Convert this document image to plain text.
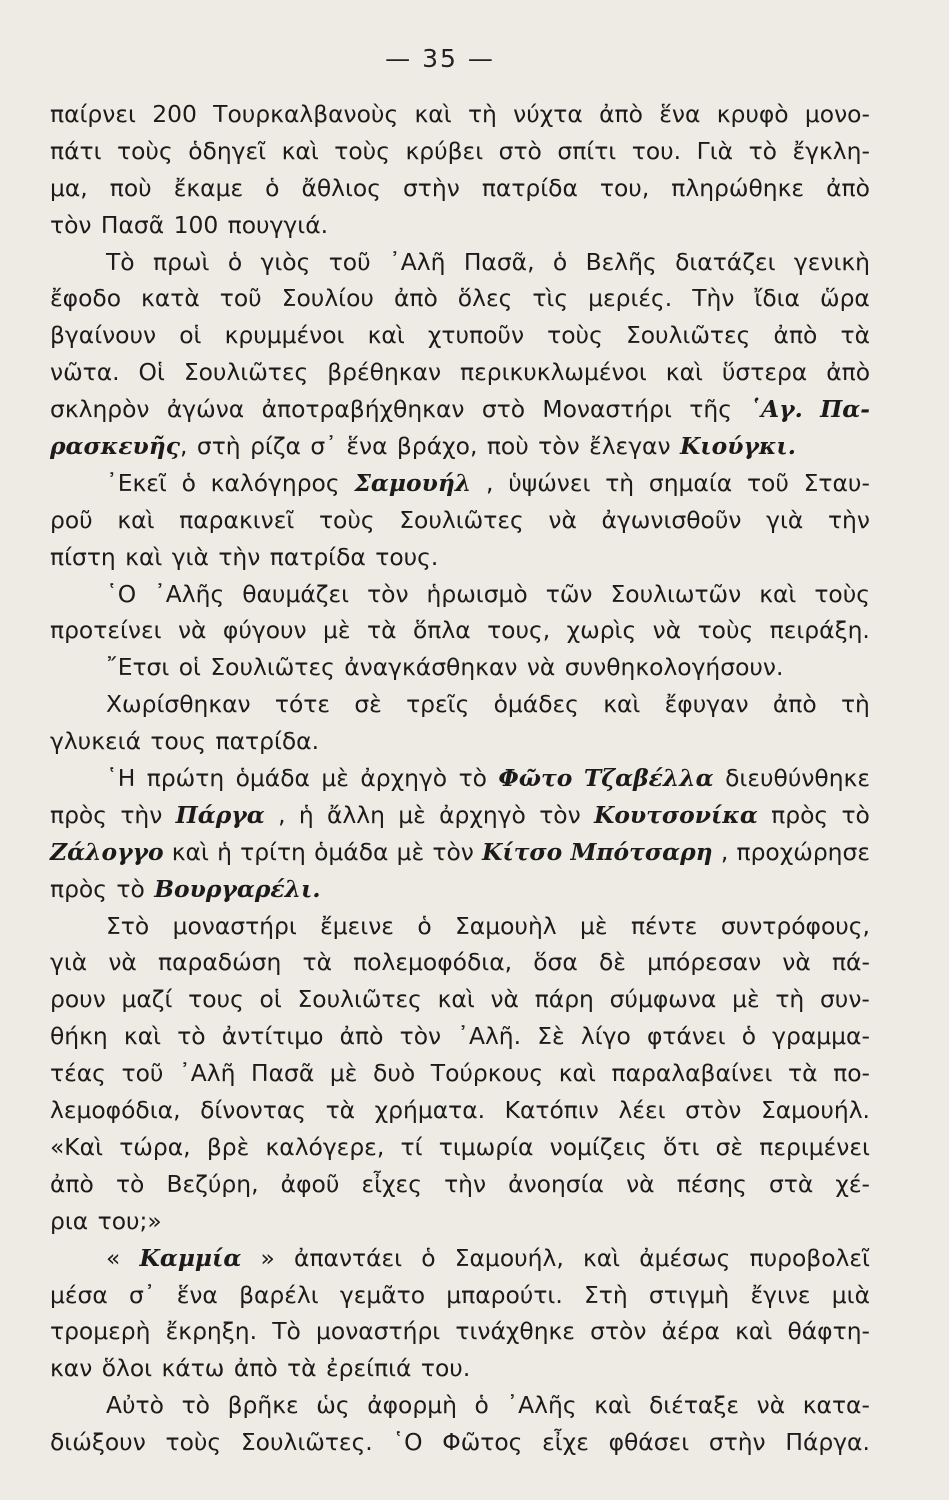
— 35 —
παίρνει 200 Τουρκαλβανοὺς καὶ τὴ νύχτα ἀπὸ ἕνα κρυφὸ μονο-
πάτι τοὺς ὁδηγεῖ καὶ τοὺς κρύβει στὸ σπίτι του. Γιὰ τὸ ἔγκλη-
μα, ποὺ ἔκαμε ὁ ἄθλιος στὴν πατρίδα του, πληρώθηκε ἀπὸ
τὸν Πασᾶ 100 πουγγιά.
Τὸ πρωὶ ὁ γιὸς τοῦ ᾿Αλῆ Πασᾶ, ὁ Βελῆς διατάζει γενικὴ
ἔφοδο κατὰ τοῦ Σουλίου ἀπὸ ὅλες τὶς μεριές. Τὴν ἴδια ὥρα
βγαίνουν οἱ κρυμμένοι καὶ χτυποῦν τοὺς Σουλιῶτες ἀπὸ τὰ
νῶτα. Οἱ Σουλιῶτες βρέθηκαν περικυκλωμένοι καὶ ὕστερα ἀπὸ
σκληρὸν ἀγώνα ἀποτραβήχθηκαν στὸ Μοναστήρι τῆς ῾Αγ. Πα-
ρασκευῆς, στὴ ρίζα σ᾿ ἕνα βράχο, ποὺ τὸν ἔλεγαν Κιούγκι.
᾿Εκεῖ ὁ καλόγηρος Σαμουήλ , ὑψώνει τὴ σημαία τοῦ Σταυ-
ροῦ καὶ παρακινεῖ τοὺς Σουλιῶτες νὰ ἀγωνισθοῦν γιὰ τὴν
πίστη καὶ γιὰ τὴν πατρίδα τους.
῾Ο ᾿Αλῆς θαυμάζει τὸν ἡρωισμὸ τῶν Σουλιωτῶν καὶ τοὺς
προτείνει νὰ φύγουν μὲ τὰ ὅπλα τους, χωρὶς νὰ τοὺς πειράξη.
῎Ετσι οἱ Σουλιῶτες ἀναγκάσθηκαν νὰ συνθηκολογήσουν.
Χωρίσθηκαν τότε σὲ τρεῖς ὁμάδες καὶ ἔφυγαν ἀπὸ τὴ
γλυκειά τους πατρίδα.
῾Η πρώτη ὁμάδα μὲ ἀρχηγὸ τὸ Φῶτο Τζαβέλλα διευθύνθηκε
πρὸς τὴν Πάργα , ἡ ἄλλη μὲ ἀρχηγὸ τὸν Κουτσονίκα πρὸς τὸ
Ζάλογγο καὶ ἡ τρίτη ὁμάδα μὲ τὸν Κίτσο Μπότσαρη , προχώρησε
πρὸς τὸ Βουργαρέλι.
Στὸ μοναστήρι ἔμεινε ὁ Σαμουὴλ μὲ πέντε συντρόφους,
γιὰ νὰ παραδώση τὰ πολεμοφόδια, ὅσα δὲ μπόρεσαν νὰ πά-
ρουν μαζί τους οἱ Σουλιῶτες καὶ νὰ πάρη σύμφωνα μὲ τὴ συν-
θήκη καὶ τὸ ἀντίτιμο ἀπὸ τὸν ᾿Αλῆ. Σὲ λίγο φτάνει ὁ γραμμα-
τέας τοῦ ᾿Αλῆ Πασᾶ μὲ δυὸ Τούρκους καὶ παραλαβαίνει τὰ πο-
λεμοφόδια, δίνοντας τὰ χρήματα. Κατόπιν λέει στὸν Σαμουήλ.
«Καὶ τώρα, βρὲ καλόγερε, τί τιμωρία νομίζεις ὅτι σὲ περιμένει
ἀπὸ τὸ Βεζύρη, ἀφοῦ εἶχες τὴν ἀνοησία νὰ πέσης στὰ χέ-
ρια του;»
« Καμμία » ἀπαντάει ὁ Σαμουήλ, καὶ ἀμέσως πυροβολεῖ
μέσα σ᾿ ἕνα βαρέλι γεμᾶτο μπαρούτι. Στὴ στιγμὴ ἔγινε μιὰ
τρομερὴ ἔκρηξη. Τὸ μοναστήρι τινάχθηκε στὸν ἀέρα καὶ θάφτη-
καν ὅλοι κάτω ἀπὸ τὰ ἐρείπιά του.
Αὐτὸ τὸ βρῆκε ὡς ἀφορμὴ ὁ ᾿Αλῆς καὶ διέταξε νὰ κατα-
διώξουν τοὺς Σουλιῶτες. ῾Ο Φῶτος εἶχε φθάσει στὴν Πάργα.
